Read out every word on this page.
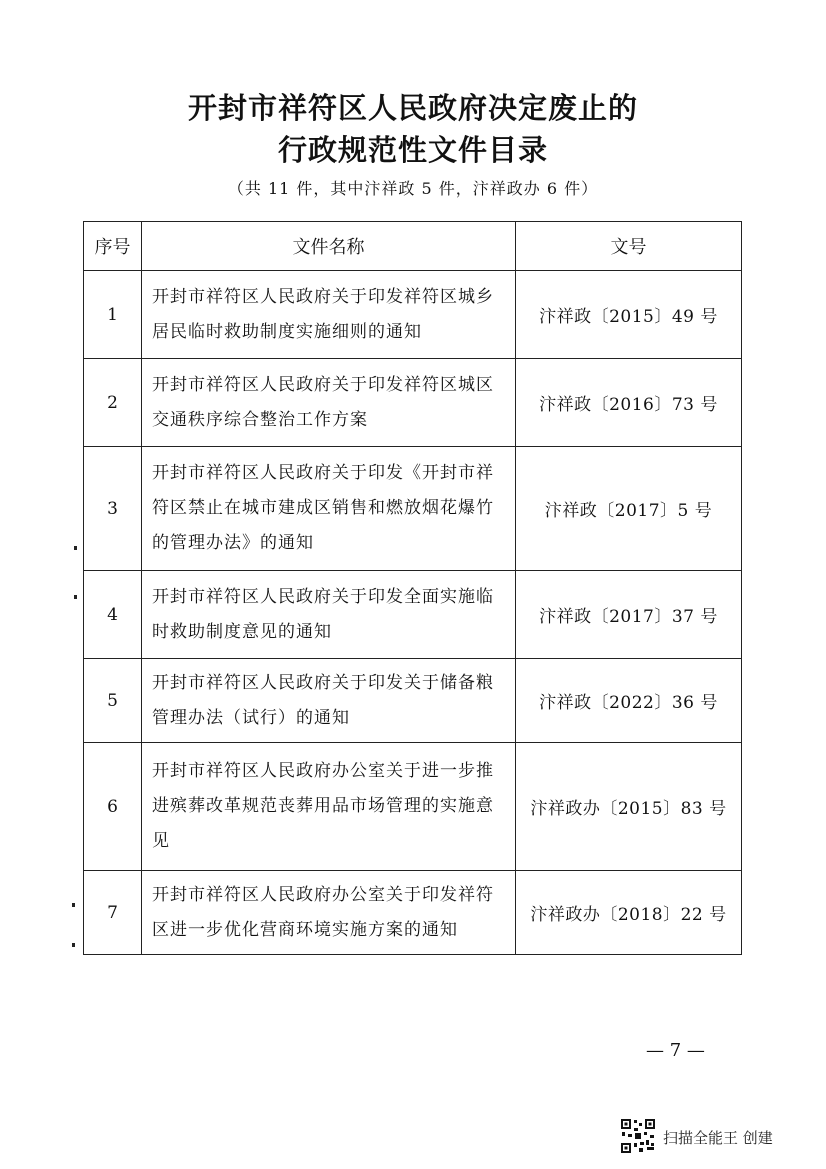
开封市祥符区人民政府决定废止的
行政规范性文件目录
（共 11 件，其中汴祥政 5 件，汴祥政办 6 件）
序号	文件名称	文号
1	开封市祥符区人民政府关于印发祥符区城乡居民临时救助制度实施细则的通知	汴祥政〔2015〕49 号
2	开封市祥符区人民政府关于印发祥符区城区交通秩序综合整治工作方案	汴祥政〔2016〕73 号
3	开封市祥符区人民政府关于印发《开封市祥符区禁止在城市建成区销售和燃放烟花爆竹的管理办法》的通知	汴祥政〔2017〕5 号
4	开封市祥符区人民政府关于印发全面实施临时救助制度意见的通知	汴祥政〔2017〕37 号
5	开封市祥符区人民政府关于印发关于储备粮管理办法（试行）的通知	汴祥政〔2022〕36 号
6	开封市祥符区人民政府办公室关于进一步推进殡葬改革规范丧葬用品市场管理的实施意见	汴祥政办〔2015〕83 号
7	开封市祥符区人民政府办公室关于印发祥符区进一步优化营商环境实施方案的通知	汴祥政办〔2018〕22 号
— 7 —
扫描全能王 创建
